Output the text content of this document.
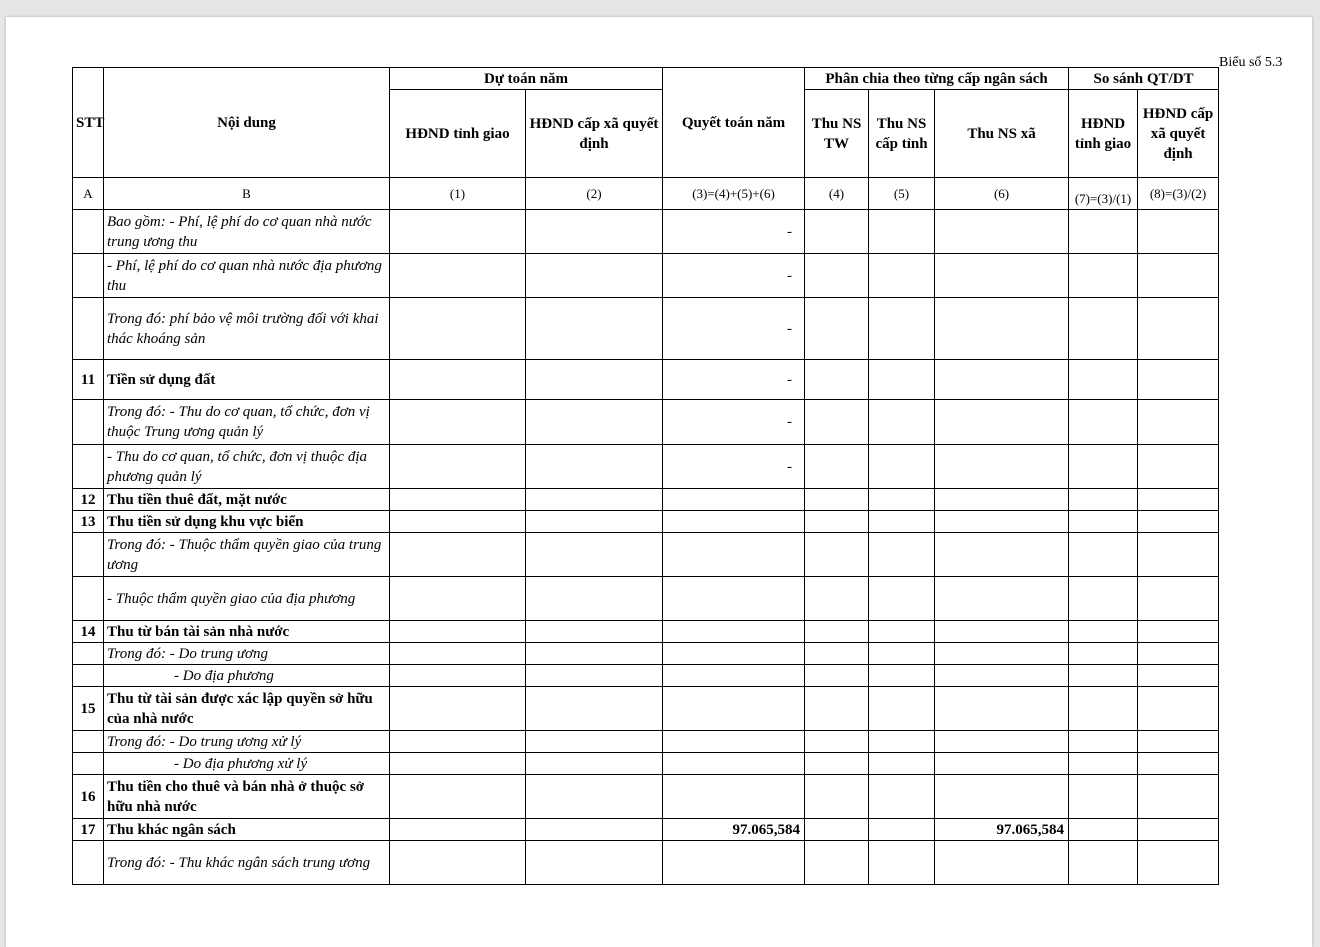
Biểu số 5.3
STT	Nội dung	Dự toán năm		Quyết toán năm	Phân chia theo từng cấp ngân sách			So sánh QT/DT	
		HĐND tỉnh giao	HĐND cấp xã quyết định		Thu NS TW	Thu NS cấp tỉnh	Thu NS xã	HĐND tỉnh giao	HĐND cấp xã quyết định
A	B	(1)	(2)	(3)=(4)+(5)+(6)	(4)	(5)	(6)	(7)=(3)/(1)	(8)=(3)/(2)
	Bao gồm: - Phí, lệ phí do cơ quan nhà nước trung ương thu			-					
	- Phí, lệ phí do cơ quan nhà nước địa phương thu			-					
	Trong đó: phí bảo vệ môi trường đối với khai thác khoáng sản			-					
11	Tiền sử dụng đất			-					
	Trong đó: - Thu do cơ quan, tổ chức, đơn vị thuộc Trung ương quản lý			-					
	- Thu do cơ quan, tổ chức, đơn vị thuộc địa phương quản lý			-					
12	Thu tiền thuê đất, mặt nước								
13	Thu tiền sử dụng khu vực biển								
	Trong đó: - Thuộc thẩm quyền giao của trung ương								
	- Thuộc thẩm quyền giao của địa phương								
14	Thu từ bán tài sản nhà nước								
	Trong đó: - Do trung ương								
	- Do địa phương								
15	Thu từ tài sản được xác lập quyền sở hữu của nhà nước								
	Trong đó: - Do trung ương xử lý								
	- Do địa phương xử lý								
16	Thu tiền cho thuê và bán nhà ở thuộc sở hữu nhà nước								
17	Thu khác ngân sách			97.065,584			97.065,584		
	Trong đó: - Thu khác ngân sách trung ương								
